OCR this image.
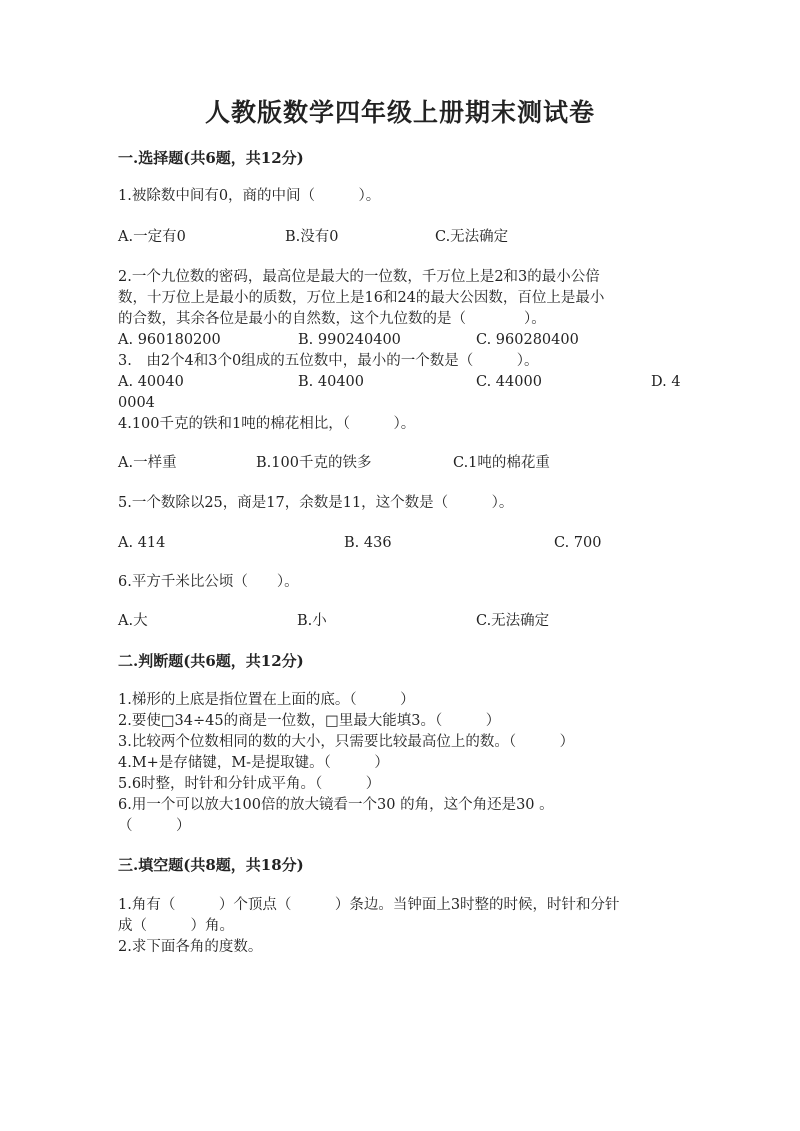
人教版数学四年级上册期末测试卷
一.选择题(共6题，共12分)
1.被除数中间有0，商的中间（　　　）。
A.一定有0	B.没有0	C.无法确定
2.一个九位数的密码，最高位是最大的一位数，千万位上是2和3的最小公倍
数，十万位上是最小的质数，万位上是16和24的最大公因数，百位上是最小
的合数，其余各位是最小的自然数，这个九位数的是（　　　　）。
A. 960180200	B. 990240400	C. 960280400
3.　由2个4和3个0组成的五位数中，最小的一个数是（　　　）。
A. 40040	B. 40400	C. 44000	D. 4
0004
4.100千克的铁和1吨的棉花相比，（　　　）。
A.一样重	B.100千克的铁多	C.1吨的棉花重
5.一个数除以25，商是17，余数是11，这个数是（　　　）。
A. 414	B. 436	C. 700
6.平方千米比公顷（　　）。
A.大	B.小	C.无法确定
二.判断题(共6题，共12分)
1.梯形的上底是指位置在上面的底。（　　　）
2.要使□34÷45的商是一位数，□里最大能填3。（　　　）
3.比较两个位数相同的数的大小，只需要比较最高位上的数。（　　　）
4.M+是存储键，M-是提取键。（　　　）
5.6时整，时针和分针成平角。（　　　）
6.用一个可以放大100倍的放大镜看一个30 的角，这个角还是30 。
（　　　）
三.填空题(共8题，共18分)
1.角有（　　　）个顶点（　　　）条边。当钟面上3时整的时候，时针和分针
成（　　　）角。
2.求下面各角的度数。
